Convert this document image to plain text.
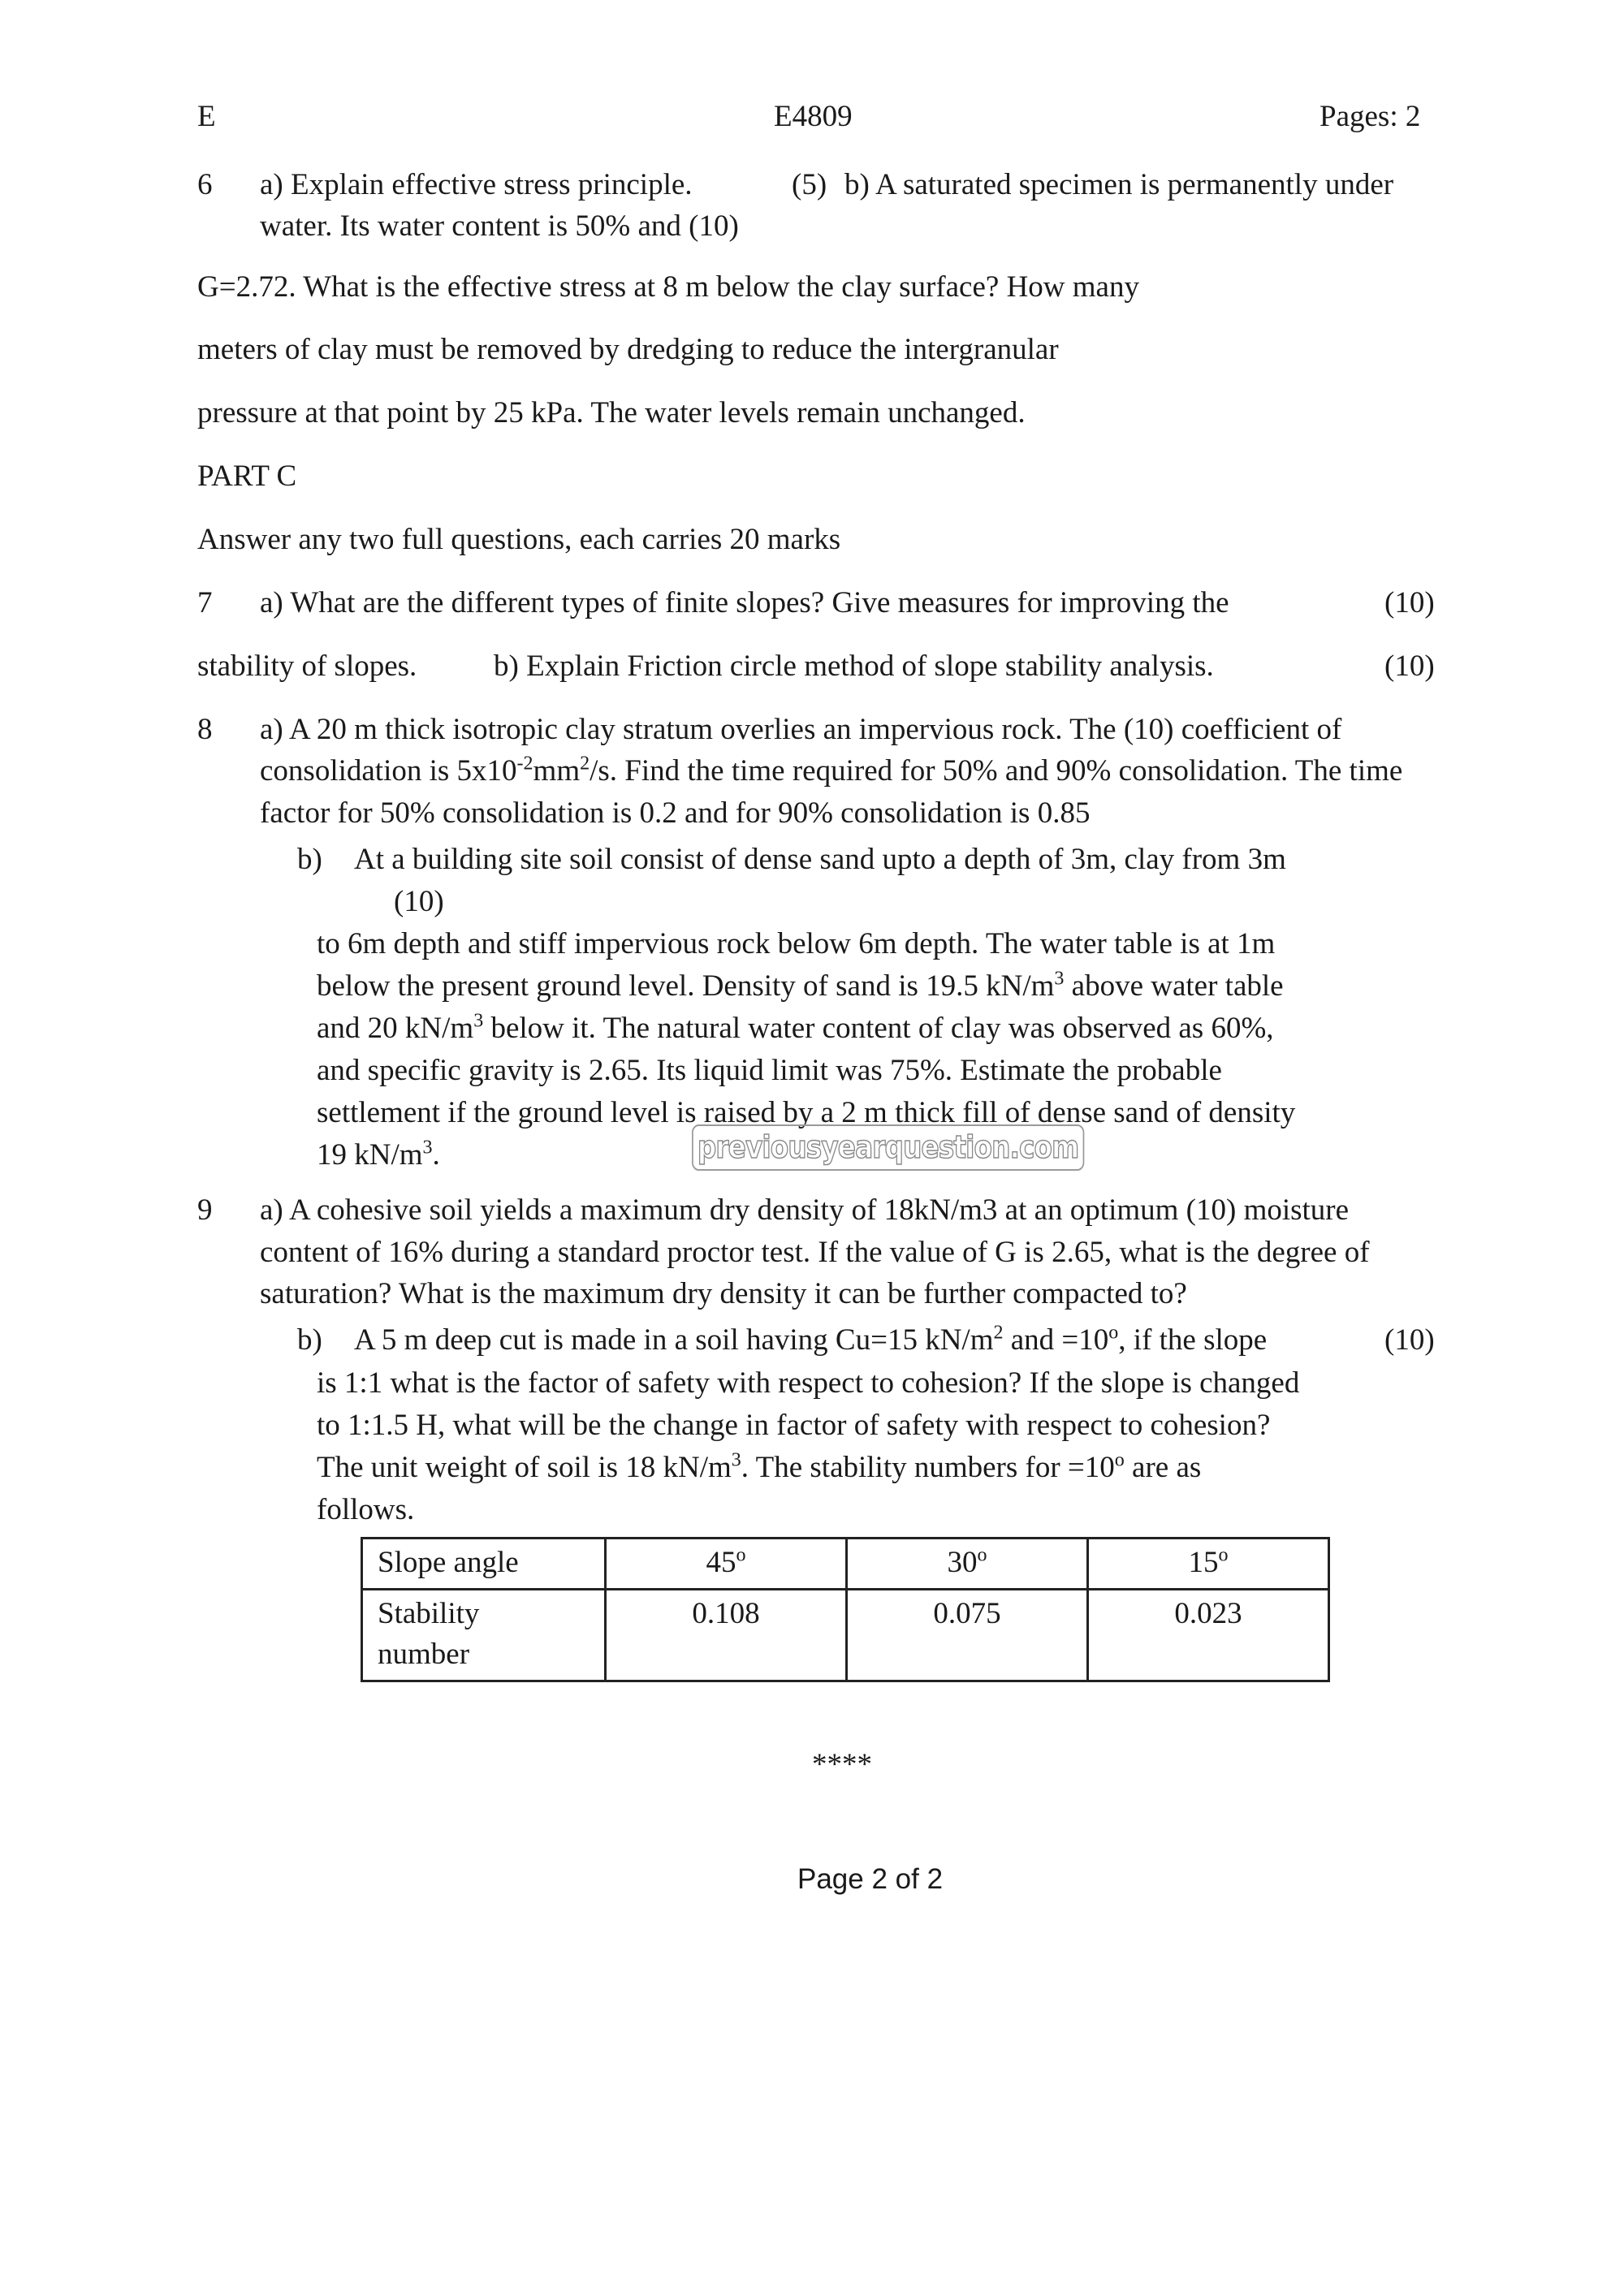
E	E4809	Pages: 2
6 a) Explain effective stress principle.	(5) b) A saturated specimen is permanently under
water. Its water content is 50% and (10)
G=2.72. What is the effective stress at 8 m below the clay surface? How many
meters of clay must be removed by dredging to reduce the intergranular
pressure at that point by 25 kPa. The water levels remain unchanged.
PART C
Answer any two full questions, each carries 20 marks
7 a) What are the different types of finite slopes? Give measures for improving the	(10)
stability of slopes.	b) Explain Friction circle method of slope stability analysis.	(10)
8 a) A 20 m thick isotropic clay stratum overlies an impervious rock. The (10) coefficient of
consolidation is $5x10^{-2}mm^2/s$. Find the time required for 50% and 90% consolidation. The time
factor for 50% consolidation is 0.2 and for 90% consolidation is 0.85
b) At a building site soil consist of dense sand upto a depth of 3m, clay from 3m
(10)
to 6m depth and stiff impervious rock below 6m depth. The water table is at 1m
below the present ground level. Density of sand is 19.5 $kN/m^3$ above water table
and 20 $kN/m^3$ below it. The natural water content of clay was observed as 60%,
and specific gravity is 2.65. Its liquid limit was 75%. Estimate the probable
settlement if the ground level is raised by a 2 m thick fill of dense sand of density
19 $kN/m^3$.	previousyearquestion.com
9 a) A cohesive soil yields a maximum dry density of 18kN/m3 at an optimum (10) moisture
content of 16% during a standard proctor test. If the value of G is 2.65, what is the degree of
saturation? What is the maximum dry density it can be further compacted to?
b) A 5 m deep cut is made in a soil having Cu=15 $kN/m^2$ and $=10^o$, if the slope	(10)
is 1:1 what is the factor of safety with respect to cohesion? If the slope is changed
to 1:1.5 H, what will be the change in factor of safety with respect to cohesion?
The unit weight of soil is 18 $kN/m^3$. The stability numbers for $=10^o$ are as
follows.
Slope angle	45$^o$	30$^o$	15$^o$
Stability number	0.108	0.075	0.023
****
Page 2 of 2
